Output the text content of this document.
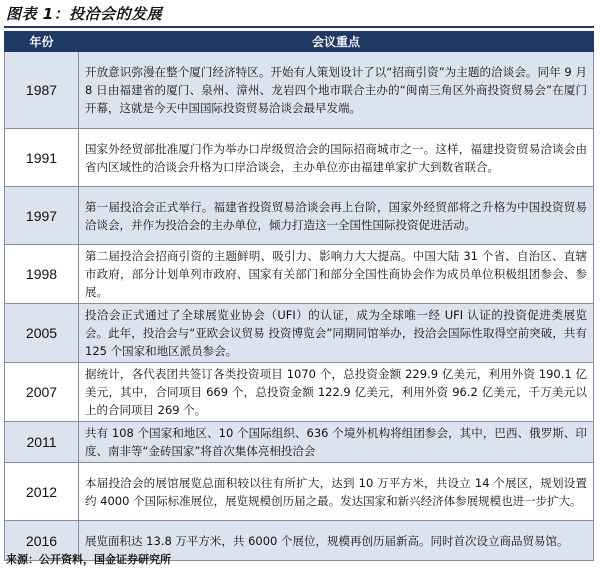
图表 1：投洽会的发展
年份	会议重点
1987	开放意识弥漫在整个厦门经济特区。开始有人策划设计了以“招商引资”为主题的洽谈会。同年 9 月 8 日由福建省的厦门、泉州、漳州、龙岩四个地市联合主办的“闽南三角区外商投资贸易会”在厦门开幕，这就是今天中国国际投资贸易洽谈会最早发端。
1991	国家外经贸部批准厦门作为举办口岸级贸洽会的国际招商城市之一。这样，福建投资贸易洽谈会由省内区域性的洽谈会升格为口岸洽谈会，主办单位亦由福建单家扩大到数省联合。
1997	第一届投洽会正式举行。福建省投资贸易洽谈会再上台阶，国家外经贸部将之升格为中国投资贸易洽谈会，并作为投洽会的主办单位，倾力打造这一全国性国际投资促进活动。
1998	第二届投洽会招商引资的主题鲜明、吸引力、影响力大大提高。中国大陆 31 个省、自治区、直辖市政府，部分计划单列市政府、国家有关部门和部分全国性商协会作为成员单位积极组团参会、参展。
2005	投洽会正式通过了全球展览业协会（UFI）的认证，成为全球唯一经 UFI 认证的投资促进类展览会。此年，投洽会与“亚欧会议贸易 投资博览会”同期同馆举办，投洽会国际性取得空前突破，共有 125 个国家和地区派员参会。
2007	据统计，各代表团共签订各类投资项目 1070 个，总投资金额 229.9 亿美元，利用外资 190.1 亿美元，其中，合同项目 669 个，总投资金额 122.9 亿美元，利用外资 96.2 亿美元，千万美元以上的合同项目 269 个。
2011	共有 108 个国家和地区、10 个国际组织、636 个境外机构将组团参会，其中，巴西、俄罗斯、印度、南非等“金砖国家”将首次集体亮相投洽会
2012	本届投洽会的展馆展览总面积较以往有所扩大，达到 10 万平方米，共设立 14 个展区，规划设置约 4000 个国际标准展位，展览规模创历届之最。发达国家和新兴经济体参展规模也进一步扩大。
2016	展览面积达 13.8 万平方米，共 6000 个展位，规模再创历届新高。同时首次设立商品贸易馆。
来源：公开资料，国金证券研究所
